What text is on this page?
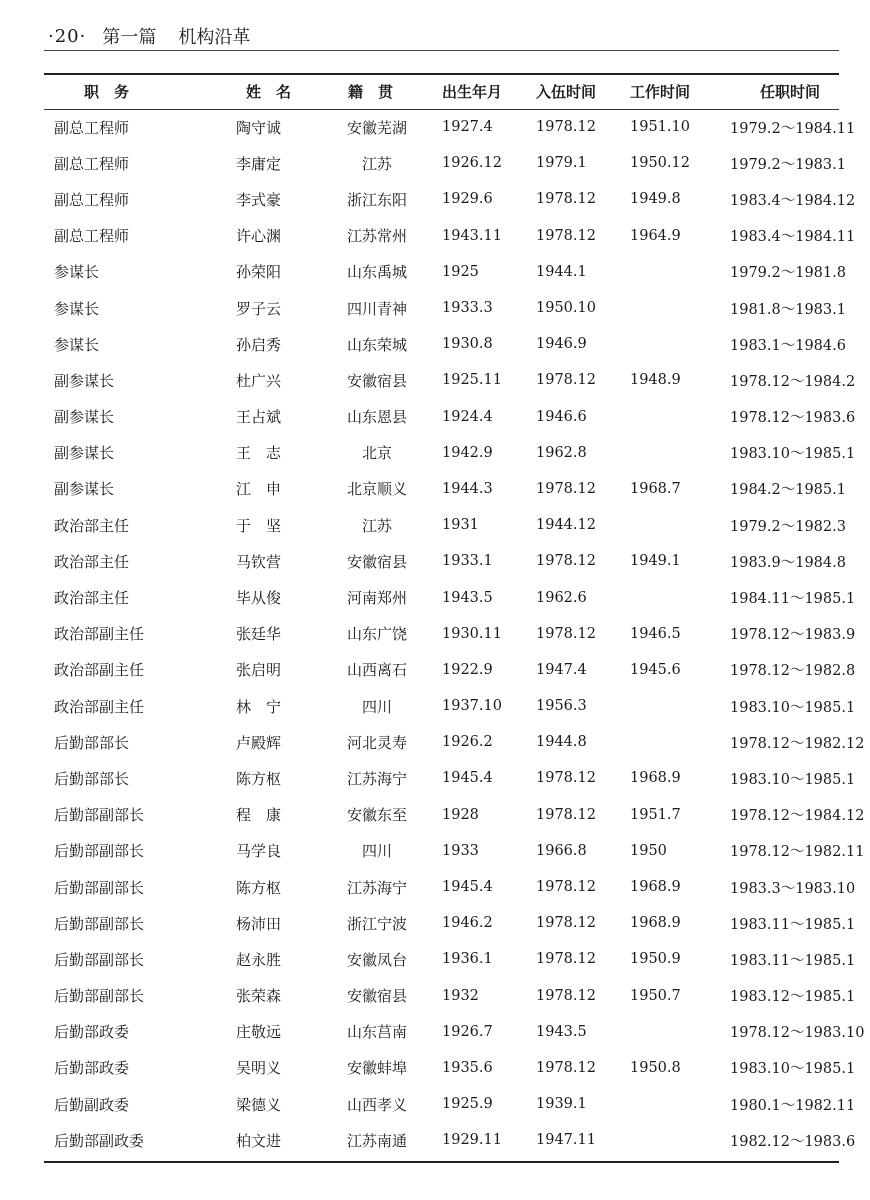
·20· 第一篇 机构沿革
职　务	姓　名	籍　贯	出生年月	入伍时间	工作时间	任职时间
副总工程师	陶守诚	安徽芜湖	1927.4	1978.12	1951.10	1979.2～1984.11
副总工程师	李庸定	江苏	1926.12	1979.1	1950.12	1979.2～1983.1
副总工程师	李式豪	浙江东阳	1929.6	1978.12	1949.8	1983.4～1984.12
副总工程师	许心渊	江苏常州	1943.11	1978.12	1964.9	1983.4～1984.11
参谋长	孙荣阳	山东禹城	1925	1944.1		1979.2～1981.8
参谋长	罗子云	四川青神	1933.3	1950.10		1981.8～1983.1
参谋长	孙启秀	山东荣城	1930.8	1946.9		1983.1～1984.6
副参谋长	杜广兴	安徽宿县	1925.11	1978.12	1948.9	1978.12～1984.2
副参谋长	王占斌	山东恩县	1924.4	1946.6		1978.12～1983.6
副参谋长	王　志	北京	1942.9	1962.8		1983.10～1985.1
副参谋长	江　申	北京顺义	1944.3	1978.12	1968.7	1984.2～1985.1
政治部主任	于　坚	江苏	1931	1944.12		1979.2～1982.3
政治部主任	马钦营	安徽宿县	1933.1	1978.12	1949.1	1983.9～1984.8
政治部主任	毕从俊	河南郑州	1943.5	1962.6		1984.11～1985.1
政治部副主任	张廷华	山东广饶	1930.11	1978.12	1946.5	1978.12～1983.9
政治部副主任	张启明	山西离石	1922.9	1947.4	1945.6	1978.12～1982.8
政治部副主任	林　宁	四川	1937.10	1956.3		1983.10～1985.1
后勤部部长	卢殿辉	河北灵寿	1926.2	1944.8		1978.12～1982.12
后勤部部长	陈方枢	江苏海宁	1945.4	1978.12	1968.9	1983.10～1985.1
后勤部副部长	程　康	安徽东至	1928	1978.12	1951.7	1978.12～1984.12
后勤部副部长	马学良	四川	1933	1966.8	1950	1978.12～1982.11
后勤部副部长	陈方枢	江苏海宁	1945.4	1978.12	1968.9	1983.3～1983.10
后勤部副部长	杨沛田	浙江宁波	1946.2	1978.12	1968.9	1983.11～1985.1
后勤部副部长	赵永胜	安徽凤台	1936.1	1978.12	1950.9	1983.11～1985.1
后勤部副部长	张荣森	安徽宿县	1932	1978.12	1950.7	1983.12～1985.1
后勤部政委	庄敬远	山东莒南	1926.7	1943.5		1978.12～1983.10
后勤部政委	吴明义	安徽蚌埠	1935.6	1978.12	1950.8	1983.10～1985.1
后勤副政委	梁德义	山西孝义	1925.9	1939.1		1980.1～1982.11
后勤部副政委	柏文进	江苏南通	1929.11	1947.11		1982.12～1983.6
